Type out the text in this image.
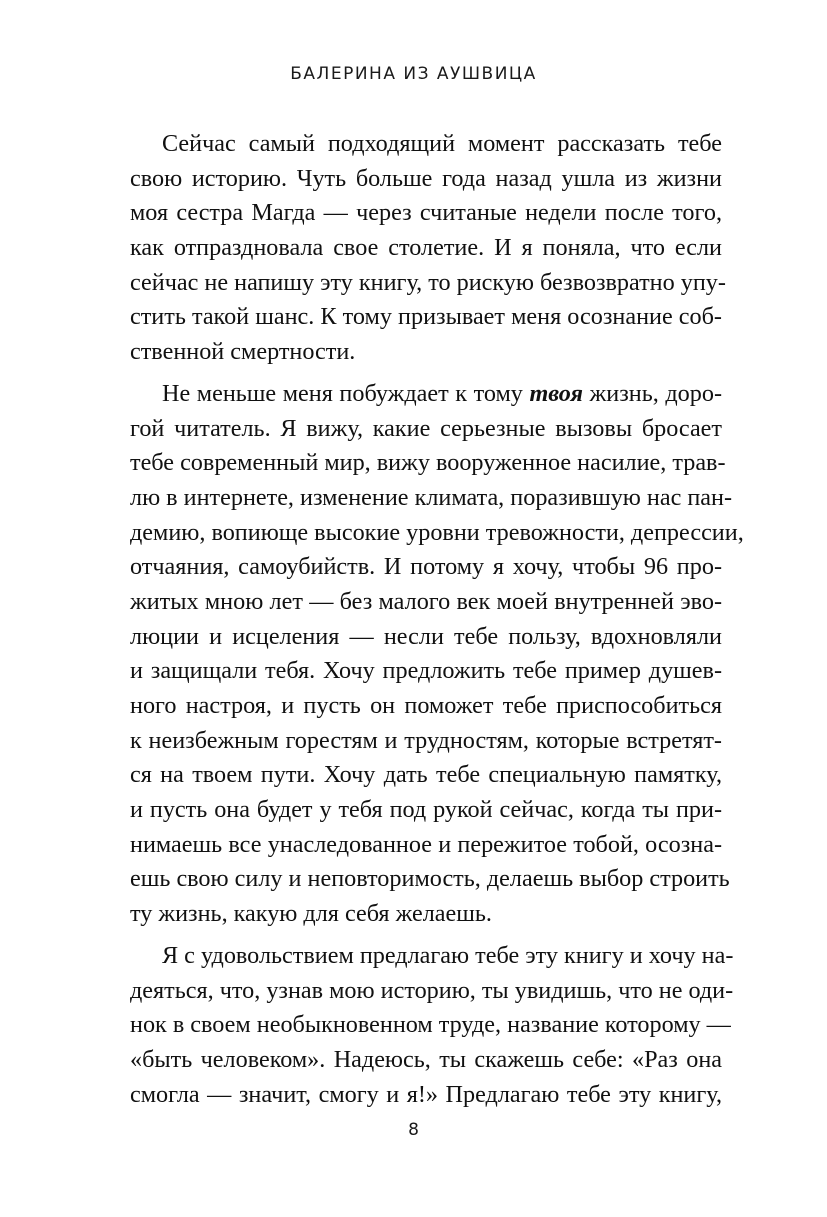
БАЛЕРИНА ИЗ АУШВИЦА
Сейчас самый подходящий момент рассказать тебе
свою историю. Чуть больше года назад ушла из жизни
моя сестра Магда — через считаные недели после того,
как отпраздновала свое столетие. И я поняла, что если
сейчас не напишу эту книгу, то рискую безвозвратно упу-
стить такой шанс. К тому призывает меня осознание соб-
ственной смертности.
Не меньше меня побуждает к тому твоя жизнь, доро-
гой читатель. Я вижу, какие серьезные вызовы бросает
тебе современный мир, вижу вооруженное насилие, трав-
лю в интернете, изменение климата, поразившую нас пан-
демию, вопиюще высокие уровни тревожности, депрессии,
отчаяния, самоубийств. И потому я хочу, чтобы 96 про-
житых мною лет — без малого век моей внутренней эво-
люции и исцеления — несли тебе пользу, вдохновляли
и защищали тебя. Хочу предложить тебе пример душев-
ного настроя, и пусть он поможет тебе приспособиться
к неизбежным горестям и трудностям, которые встретят-
ся на твоем пути. Хочу дать тебе специальную памятку,
и пусть она будет у тебя под рукой сейчас, когда ты при-
нимаешь все унаследованное и пережитое тобой, осозна-
ешь свою силу и неповторимость, делаешь выбор строить
ту жизнь, какую для себя желаешь.
Я с удовольствием предлагаю тебе эту книгу и хочу на-
деяться, что, узнав мою историю, ты увидишь, что не оди-
нок в своем необыкновенном труде, название которому —
«быть человеком». Надеюсь, ты скажешь себе: «Раз она
смогла — значит, смогу и я!» Предлагаю тебе эту книгу,
8
